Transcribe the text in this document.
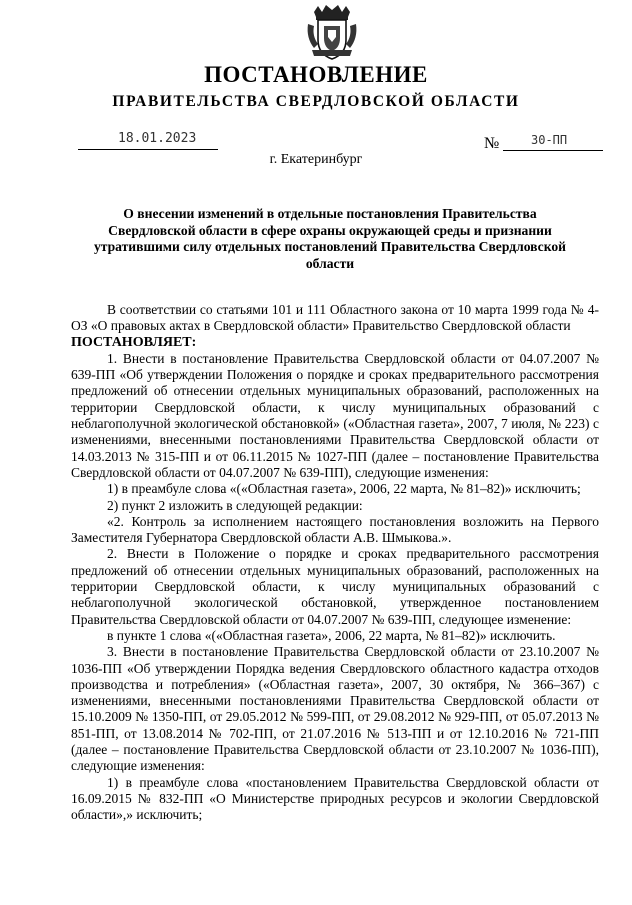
ПОСТАНОВЛЕНИЕ
ПРАВИТЕЛЬСТВА СВЕРДЛОВСКОЙ ОБЛАСТИ
18.01.2023	№	30-ПП
г. Екатеринбург
О внесении изменений в отдельные постановления Правительства Свердловской области в сфере охраны окружающей среды и признании утратившими силу отдельных постановлений Правительства Свердловской области

В соответствии со статьями 101 и 111 Областного закона от 10 марта 1999 года № 4-ОЗ «О правовых актах в Свердловской области» Правительство Свердловской области

ПОСТАНОВЛЯЕТ:

1. Внести в постановление Правительства Свердловской области от 04.07.2007 № 639-ПП «Об утверждении Положения о порядке и сроках предварительного рассмотрения предложений об отнесении отдельных муниципальных образований, расположенных на территории Свердловской области, к числу муниципальных образований с неблагополучной экологической обстановкой» («Областная газета», 2007, 7 июля, № 223) с изменениями, внесенными постановлениями Правительства Свердловской области от 14.03.2013 № 315-ПП и от 06.11.2015 № 1027-ПП (далее – постановление Правительства Свердловской области от 04.07.2007 № 639-ПП), следующие изменения:

1) в преамбуле слова «(«Областная газета», 2006, 22 марта, № 81–82)» исключить;

2) пункт 2 изложить в следующей редакции:

«2. Контроль за исполнением настоящего постановления возложить на Первого Заместителя Губернатора Свердловской области А.В. Шмыкова.».

2. Внести в Положение о порядке и сроках предварительного рассмотрения предложений об отнесении отдельных муниципальных образований, расположенных на территории Свердловской области, к числу муниципальных образований с неблагополучной экологической обстановкой, утвержденное постановлением Правительства Свердловской области от 04.07.2007 № 639-ПП, следующее изменение:

в пункте 1 слова «(«Областная газета», 2006, 22 марта, № 81–82)» исключить.

3. Внести в постановление Правительства Свердловской области от 23.10.2007 № 1036-ПП «Об утверждении Порядка ведения Свердловского областного кадастра отходов производства и потребления» («Областная газета», 2007, 30 октября, № 366–367) с изменениями, внесенными постановлениями Правительства Свердловской области от 15.10.2009 № 1350-ПП, от 29.05.2012 № 599-ПП, от 29.08.2012 № 929-ПП, от 05.07.2013 № 851-ПП, от 13.08.2014 № 702-ПП, от 21.07.2016 № 513-ПП и от 12.10.2016 № 721-ПП (далее – постановление Правительства Свердловской области от 23.10.2007 № 1036-ПП), следующие изменения:

1) в преамбуле слова «постановлением Правительства Свердловской области от 16.09.2015 № 832-ПП «О Министерстве природных ресурсов и экологии Свердловской области»,» исключить;
